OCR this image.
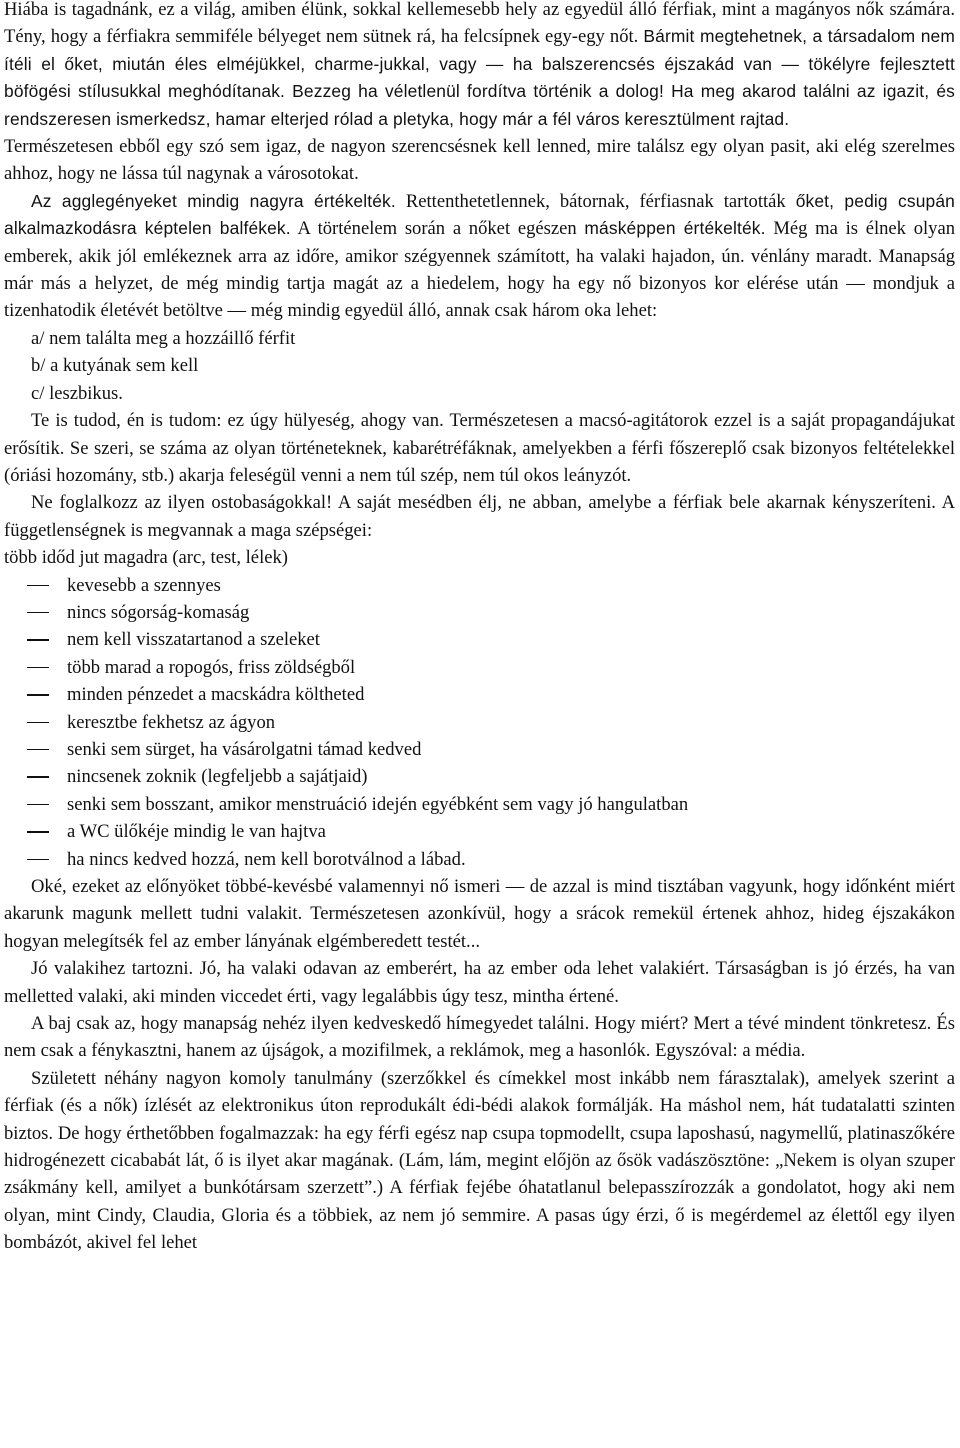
Hiába is tagadnánk, ez a világ, amiben élünk, sokkal kellemesebb hely az egyedül álló férfiak, mint a magányos nők számára. Tény, hogy a férfiakra semmiféle bélyeget nem sütnek rá, ha felcsípnek egy-egy nőt. Bármit megtehetnek, a társadalom nem ítéli el őket, miután éles elméjükkel, charme-jukkal, vagy — ha balszerencsés éjszakád van — tökélyre fejlesztett böfögési stílusukkal meghódítanak. Bezzeg ha véletlenül fordítva történik a dolog! Ha meg akarod találni az igazit, és rendszeresen ismerkedsz, hamar elterjed rólad a pletyka, hogy már a fél város keresztülment rajtad.

Természetesen ebből egy szó sem igaz, de nagyon szerencsésnek kell lenned, mire találsz egy olyan pasit, aki elég szerelmes ahhoz, hogy ne lássa túl nagynak a városotokat.

Az agglegényeket mindig nagyra értékelték. Rettenthetetlennek, bátornak, férfiasnak tartották őket, pedig csupán alkalmazkodásra képtelen balfékek. A történelem során a nőket egészen másképpen értékelték. Még ma is élnek olyan emberek, akik jól emlékeznek arra az időre, amikor szégyennek számított, ha valaki hajadon, ún. vénlány maradt. Manapság már más a helyzet, de még mindig tartja magát az a hiedelem, hogy ha egy nő bizonyos kor elérése után — mondjuk a tizenhatodik életévét betöltve — még mindig egyedül álló, annak csak három oka lehet:

a/ nem találta meg a hozzáillő férfit
b/ a kutyának sem kell
c/ leszbikus.

Te is tudod, én is tudom: ez úgy hülyeség, ahogy van. Természetesen a macsó-agitátorok ezzel is a saját propagandájukat erősítik. Se szeri, se száma az olyan történeteknek, kabarétréfáknak, amelyekben a férfi főszereplő csak bizonyos feltételekkel (óriási hozomány, stb.) akarja feleségül venni a nem túl szép, nem túl okos leányzót.

Ne foglalkozz az ilyen ostobaságokkal! A saját mesédben élj, ne abban, amelybe a férfiak bele akarnak kényszeríteni. A függetlenségnek is megvannak a maga szépségei:

több időd jut magadra (arc, test, lélek)

kevesebb a szennyes
nincs sógorság-komaság
nem kell visszatartanod a szeleket
több marad a ropogós, friss zöldségből
minden pénzedet a macskádra költheted
keresztbe fekhetsz az ágyon
senki sem sürget, ha vásárolgatni támad kedved
nincsenek zoknik (legfeljebb a sajátjaid)
senki sem bosszant, amikor menstruáció idején egyébként sem vagy jó hangulatban
a WC ülőkéje mindig le van hajtva
ha nincs kedved hozzá, nem kell borotválnod a lábad.

Oké, ezeket az előnyöket többé-kevésbé valamennyi nő ismeri — de azzal is mind tisztában vagyunk, hogy időnként miért akarunk magunk mellett tudni valakit. Természetesen azonkívül, hogy a srácok remekül értenek ahhoz, hideg éjszakákon hogyan melegítsék fel az ember lányának elgémberedett testét...

Jó valakihez tartozni. Jó, ha valaki odavan az emberért, ha az ember oda lehet valakiért. Társaságban is jó érzés, ha van melletted valaki, aki minden viccedet érti, vagy legalábbis úgy tesz, mintha értené.

A baj csak az, hogy manapság nehéz ilyen kedveskedő hímegyedet találni. Hogy miért? Mert a tévé mindent tönkretesz. És nem csak a fénykasztni, hanem az újságok, a mozifilmek, a reklámok, meg a hasonlók. Egyszóval: a média.

Született néhány nagyon komoly tanulmány (szerzőkkel és címekkel most inkább nem fárasztalak), amelyek szerint a férfiak (és a nők) ízlését az elektronikus úton reprodukált édi-bédi alakok formálják. Ha máshol nem, hát tudatalatti szinten biztos. De hogy érthetőbben fogalmazzak: ha egy férfi egész nap csupa topmodellt, csupa laposhasú, nagymellű, platinaszőkére hidrogénezett cicababát lát, ő is ilyet akar magának. (Lám, lám, megint előjön az ősök vadászösztöne: „Nekem is olyan szuper zsákmány kell, amilyet a bunkótársam szerzett”.) A férfiak fejébe óhatatlanul belepasszírozzák a gondolatot, hogy aki nem olyan, mint Cindy, Claudia, Gloria és a többiek, az nem jó semmire. A pasas úgy érzi, ő is megérdemel az élettől egy ilyen bombázót, akivel fel lehet
